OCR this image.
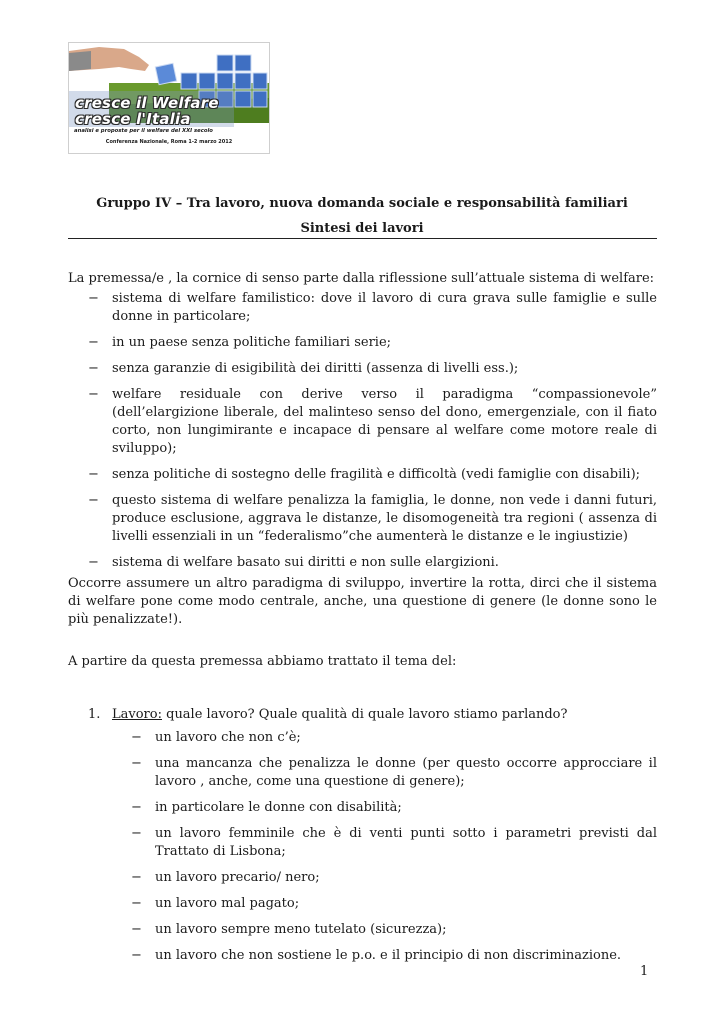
cresce il Welfare
cresce l'Italia
analisi e proposte per il welfare del XXI secolo
Conferenza Nazionale, Roma 1-2 marzo 2012
Gruppo IV – Tra lavoro, nuova domanda sociale e responsabilità familiari
Sintesi dei lavori

La premessa/e , la cornice di senso parte dalla riflessione sull’attuale sistema di welfare:

− sistema di welfare familistico: dove il lavoro di cura grava sulle famiglie e sulle donne in particolare;
− in un paese senza politiche familiari serie;
− senza garanzie di esigibilità dei diritti (assenza di livelli ess.);
− welfare residuale con derive verso il paradigma “compassionevole” (dell’elargizione liberale, del malinteso senso del dono, emergenziale, con il fiato corto, non lungimirante e incapace di pensare al welfare come motore reale di sviluppo);
− senza politiche di sostegno delle fragilità e difficoltà (vedi famiglie con disabili);
− questo sistema di welfare penalizza la famiglia, le donne, non vede i danni futuri, produce esclusione, aggrava le distanze, le disomogeneità tra regioni ( assenza di livelli essenziali in un “federalismo”che aumenterà le distanze e le ingiustizie)
− sistema di welfare basato sui diritti e non sulle elargizioni.

Occorre assumere un altro paradigma di sviluppo, invertire la rotta, dirci che il sistema di welfare pone come modo centrale, anche, una questione di genere (le donne sono le più penalizzate!).

A partire da questa premessa abbiamo trattato il tema del:

1. Lavoro: quale lavoro? Quale qualità di quale lavoro stiamo parlando?

− un lavoro che non c’è;
− una mancanza che penalizza le donne (per questo occorre approcciare il lavoro , anche, come una questione di genere);
− in particolare le donne con disabilità;
− un lavoro femminile che è di venti punti sotto i parametri previsti dal Trattato di Lisbona;
− un lavoro precario/ nero;
− un lavoro mal pagato;
− un lavoro sempre meno tutelato (sicurezza);
− un lavoro che non sostiene le p.o. e il principio di non discriminazione.
1
